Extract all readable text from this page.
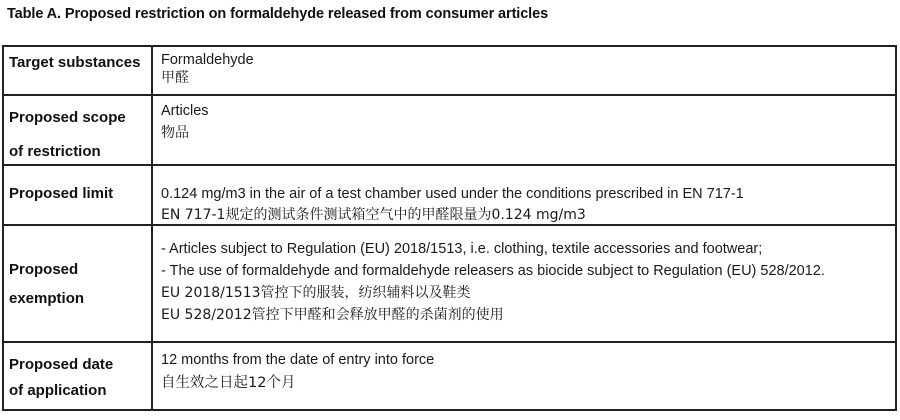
Table A. Proposed restriction on formaldehyde released from consumer articles
Target substances	Formaldehyde
甲醛

Proposed scope
of restriction	Articles
物品

Proposed limit	0.124 mg/m3 in the air of a test chamber used under the conditions prescribed in EN 717-1
EN 717-1规定的测试条件测试箱空气中的甲醛限量为0.124 mg/m3

Proposed
exemption	- Articles subject to Regulation (EU) 2018/1513, i.e. clothing, textile accessories and footwear;
- The use of formaldehyde and formaldehyde releasers as biocide subject to Regulation (EU) 528/2012.
EU 2018/1513管控下的服装，纺织辅料以及鞋类
EU 528/2012管控下甲醛和会释放甲醛的杀菌剂的使用

Proposed date
of application	12 months from the date of entry into force
自生效之日起12个月
